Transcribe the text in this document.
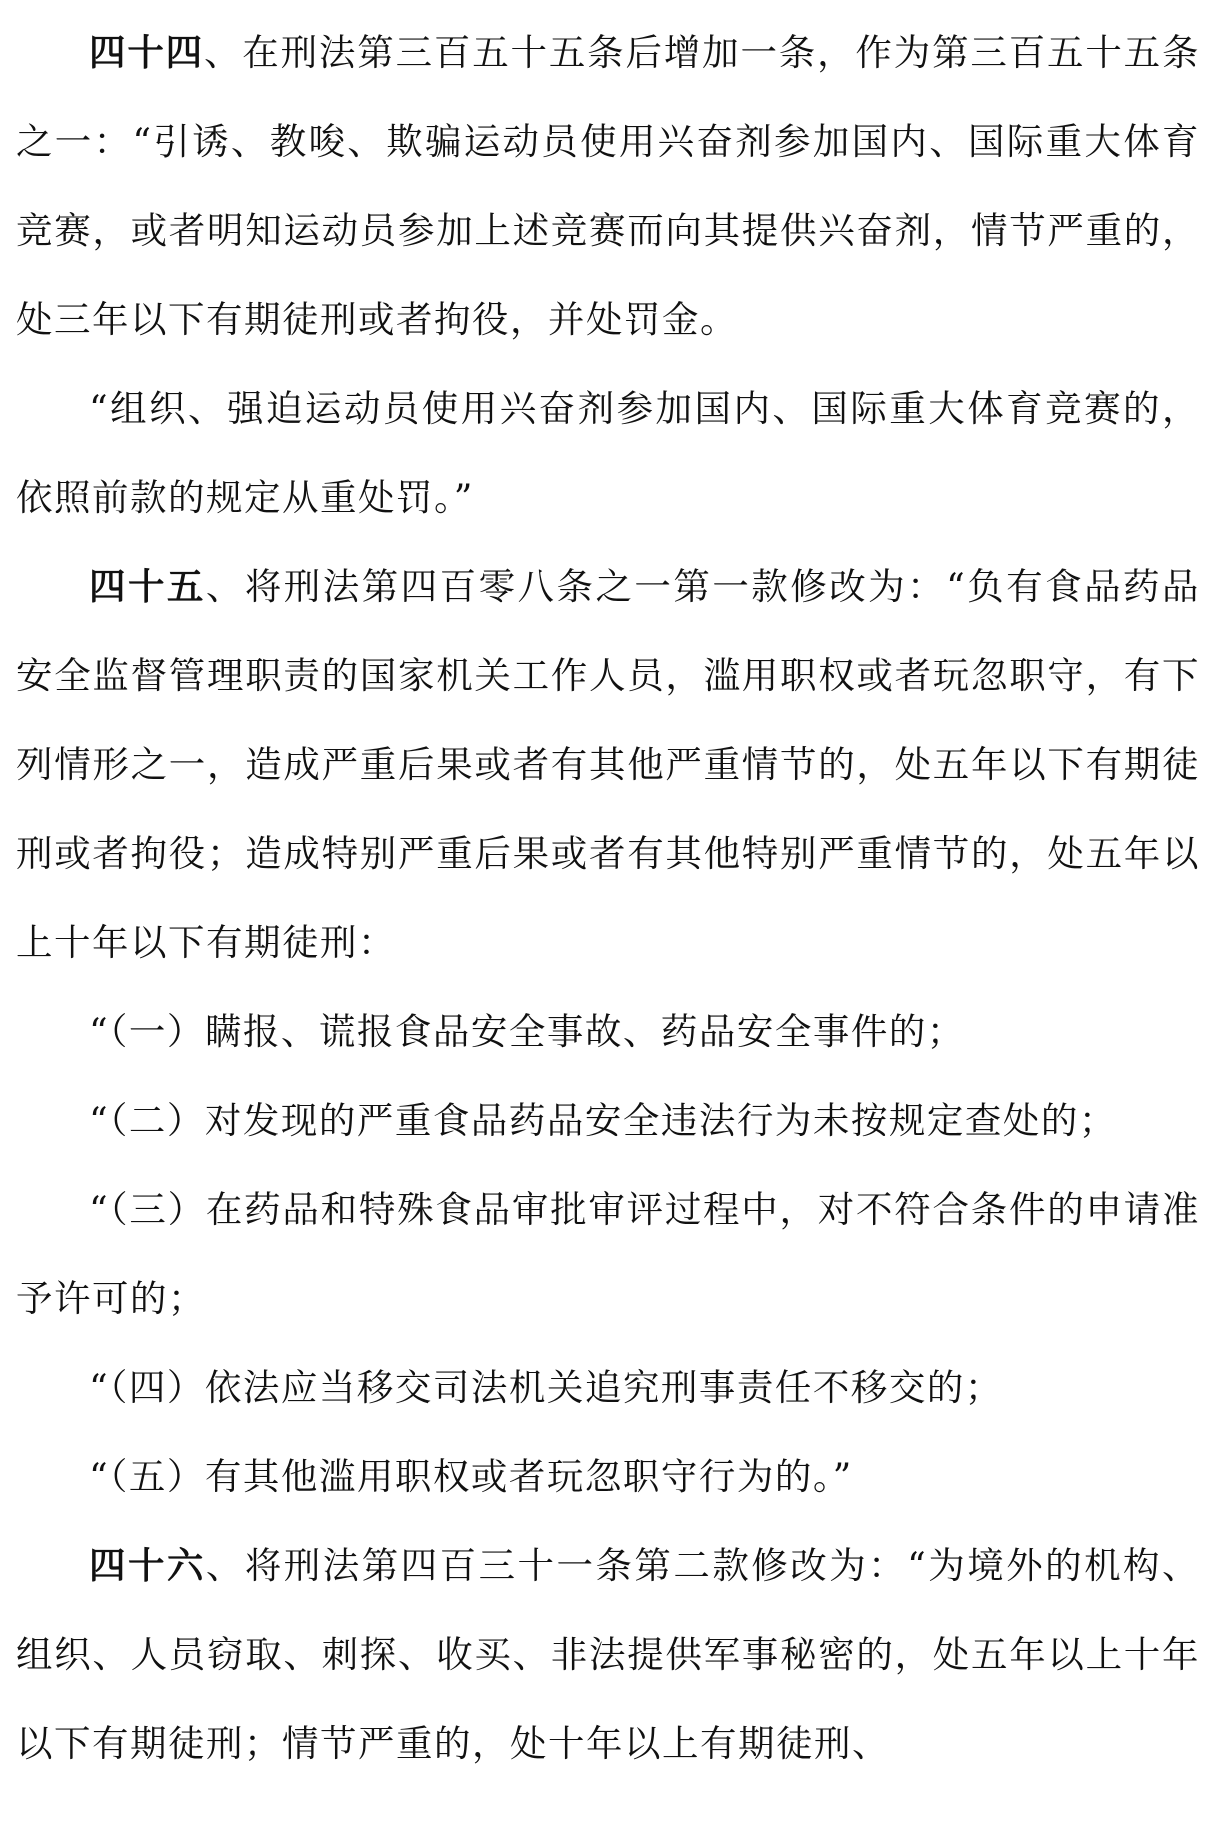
四十四、在刑法第三百五十五条后增加一条，作为第三百五十五条之一：“引诱、教唆、欺骗运动员使用兴奋剂参加国内、国际重大体育竞赛，或者明知运动员参加上述竞赛而向其提供兴奋剂，情节严重的，处三年以下有期徒刑或者拘役，并处罚金。

“组织、强迫运动员使用兴奋剂参加国内、国际重大体育竞赛的，依照前款的规定从重处罚。”

四十五、将刑法第四百零八条之一第一款修改为：“负有食品药品安全监督管理职责的国家机关工作人员，滥用职权或者玩忽职守，有下列情形之一，造成严重后果或者有其他严重情节的，处五年以下有期徒刑或者拘役；造成特别严重后果或者有其他特别严重情节的，处五年以上十年以下有期徒刑：

“（一）瞒报、谎报食品安全事故、药品安全事件的；

“（二）对发现的严重食品药品安全违法行为未按规定查处的；

“（三）在药品和特殊食品审批审评过程中，对不符合条件的申请准予许可的；

“（四）依法应当移交司法机关追究刑事责任不移交的；

“（五）有其他滥用职权或者玩忽职守行为的。”

四十六、将刑法第四百三十一条第二款修改为：“为境外的机构、组织、人员窃取、刺探、收买、非法提供军事秘密的，处五年以上十年以下有期徒刑；情节严重的，处十年以上有期徒刑、
